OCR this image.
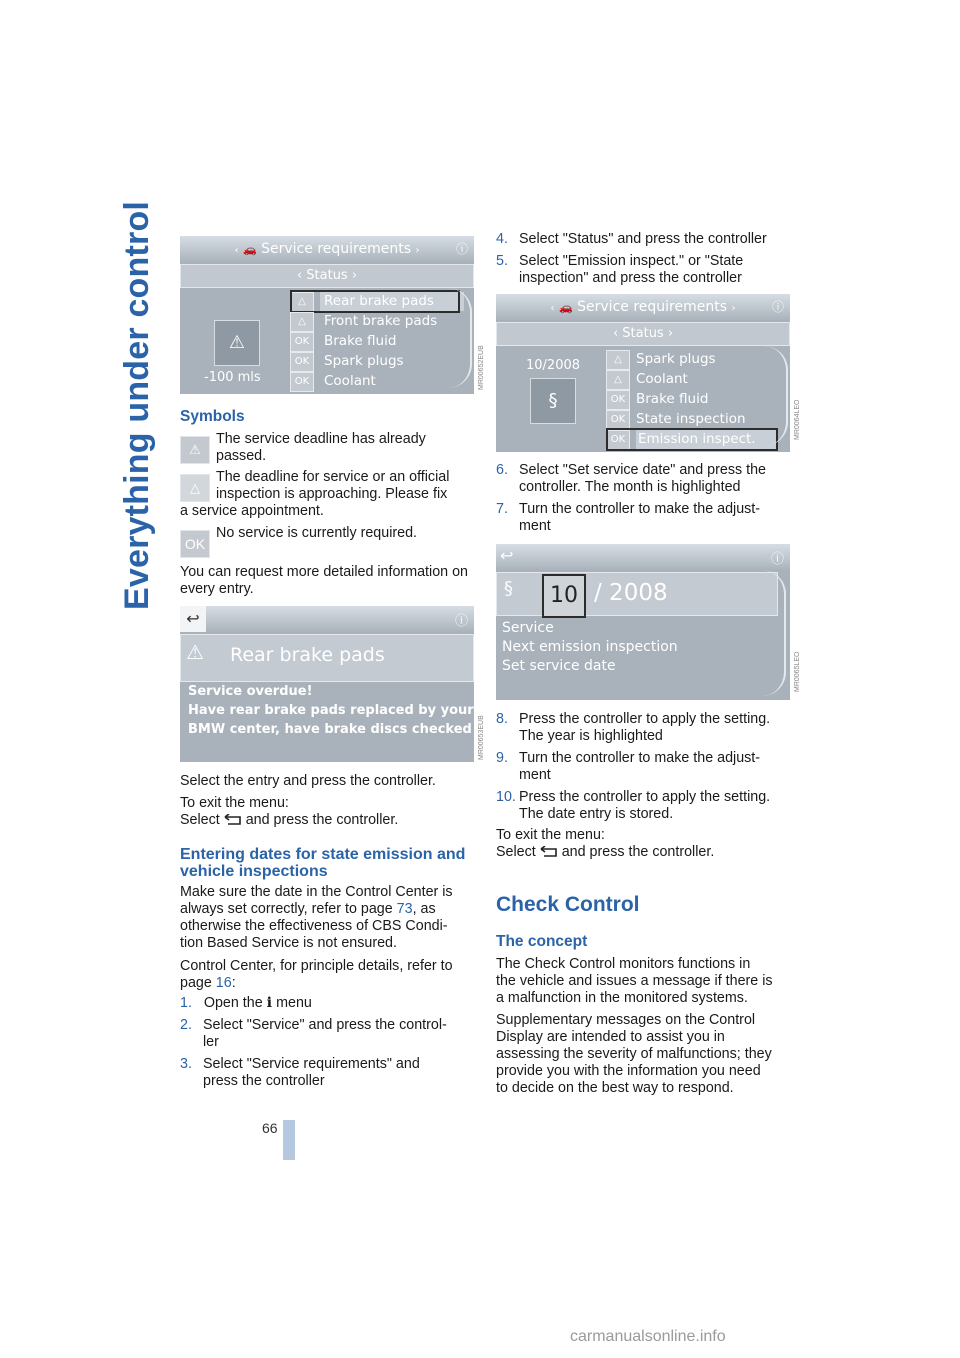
Everything under control	‹ 🚗 Service requirements ›	ⓘ
‹ Status ›
⚠
-100 mls
△	Rear brake pads
△	Front brake pads
OK	Brake fluid
OK	Spark plugs
OK	Coolant	MR00652EUB
Symbols
⚠

The service deadline has already passed.

△

The deadline for service or an official

inspection is approaching. Please fix

a service appointment.

OK

No service is currently required.

You can request more detailed information on every entry.

↩	ⓘ
⚠ Rear brake pads
Service overdue!
Have rear brake pads replaced by your
BMW center, have brake discs checked MR00653EUB

Select the entry and press the controller.

To exit the menu:

Select and press the controller.

Entering dates for state emission and vehicle inspections

Make sure the date in the Control Center is

always set correctly, refer to page 73, as

otherwise the effectiveness of CBS Condi-

tion Based Service is not ensured.

Control Center, for principle details, refer to

page 16:

1. Open the i menu

2. Select "Service" and press the control-

ler

3. Select "Service requirements" and

press the controller

4. Select "Status" and press the controller

5. Select "Emission inspect." or "State

inspection" and press the controller

‹ 🚗 Service requirements ›	ⓘ
‹ Status ›
10/2008
§
△	Spark plugs
△	Coolant
OK Brake fluid
OK State inspection
OK Emission inspect.	MR0064LEO

6. Select "Set service date" and press the

controller. The month is highlighted

7. Turn the controller to make the adjust-

ment

↩	ⓘ
§	10 / 2008
Service
Next emission inspection
Set service date	MR0065LEO

8. Press the controller to apply the setting.

The year is highlighted

9. Turn the controller to make the adjust-

ment

10. Press the controller to apply the setting.

The date entry is stored.

To exit the menu:

Select and press the controller.

Check Control

The concept

The Check Control monitors functions in

the vehicle and issues a message if there is

a malfunction in the monitored systems.

Supplementary messages on the Control

Display are intended to assist you in

assessing the severity of malfunctions; they

provide you with the information you need

to decide on the best way to respond.

66
carmanualsonline.info
